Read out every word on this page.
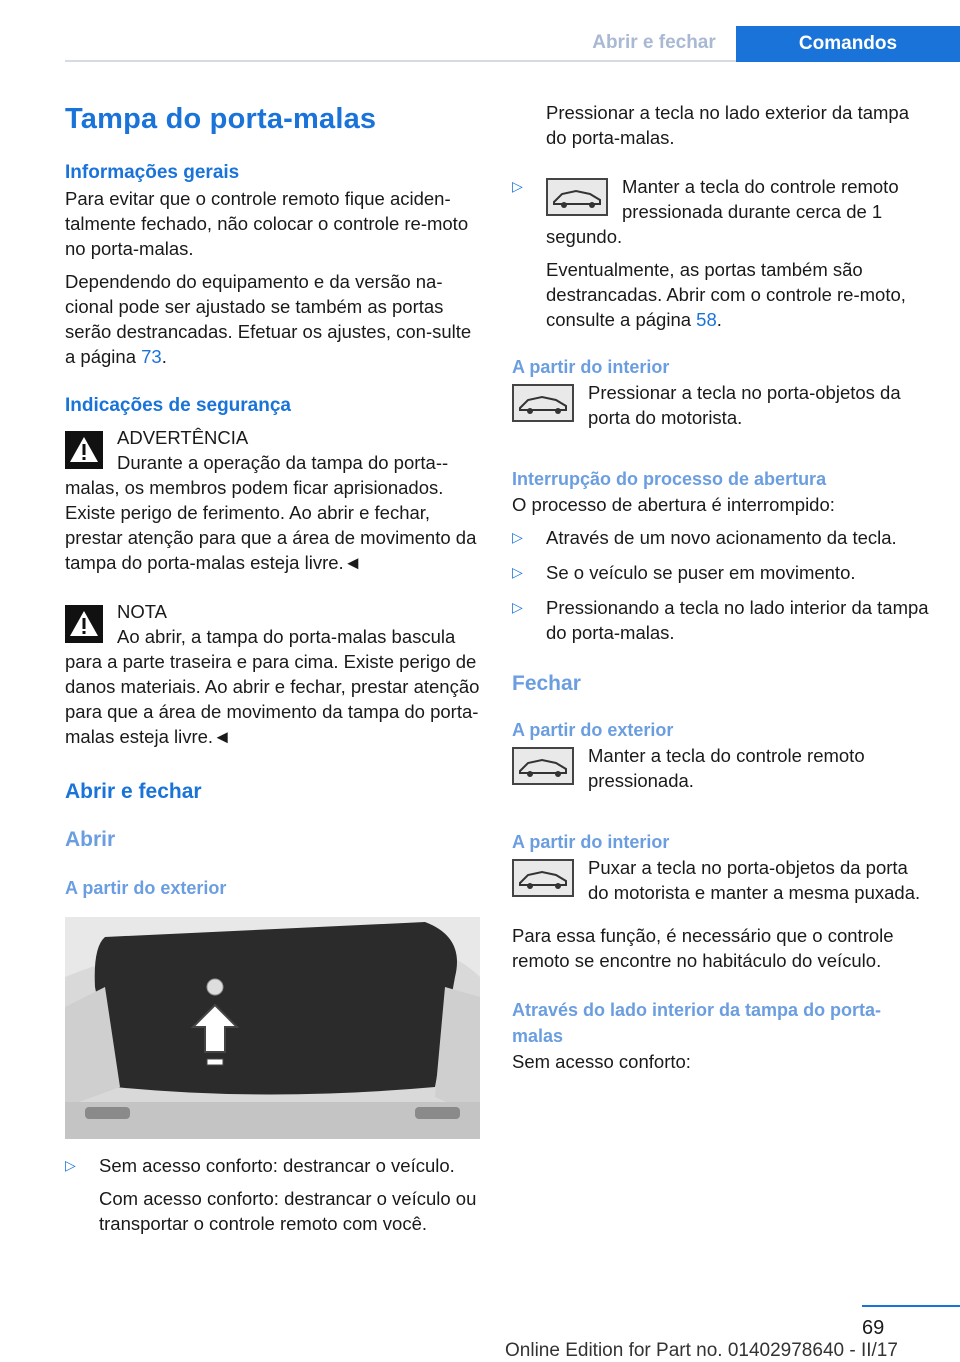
Abrir e fechar	Comandos
Tampa do porta-malas
Informações gerais

Para evitar que o controle remoto fique aciden-talmente fechado, não colocar o controle re-moto no porta-malas.

Dependendo do equipamento e da versão na-cional pode ser ajustado se também as portas serão destrancadas. Efetuar os ajustes, con-sulte a página 73.

Indicações de segurança

ADVERTÊNCIA

Durante a operação da tampa do porta--malas, os membros podem ficar aprisionados. Existe perigo de ferimento. Ao abrir e fechar, prestar atenção para que a área de movimento da tampa do porta-malas esteja livre.◄

NOTA

Ao abrir, a tampa do porta-malas bascula para a parte traseira e para cima. Existe perigo de danos materiais. Ao abrir e fechar, prestar atenção para que a área de movimento da tampa do porta-malas esteja livre.◄

Abrir e fechar
Abrir
A partir do exterior
▷ Sem acesso conforto: destrancar o veículo.

Com acesso conforto: destrancar o veículo ou transportar o controle remoto com você.

Pressionar a tecla no lado exterior da tampa do porta-malas.

▷	Manter a tecla do controle remoto pressionada durante cerca de 1 segundo.

Eventualmente, as portas também são destrancadas. Abrir com o controle re-moto, consulte a página 58.

A partir do interior

Pressionar a tecla no porta-objetos da porta do motorista.

Interrupção do processo de abertura

O processo de abertura é interrompido:

▷ Através de um novo acionamento da tecla.
▷ Se o veículo se puser em movimento.
▷ Pressionando a tecla no lado interior da tampa do porta-malas.
Fechar
A partir do exterior

Manter a tecla do controle remoto pressionada.

A partir do interior

Puxar a tecla no porta-objetos da porta do motorista e manter a mesma puxada.

Para essa função, é necessário que o controle remoto se encontre no habitáculo do veículo.

Através do lado interior da tampa do porta-malas

Sem acesso conforto:

69
Online Edition for Part no. 01402978640 - II/17
